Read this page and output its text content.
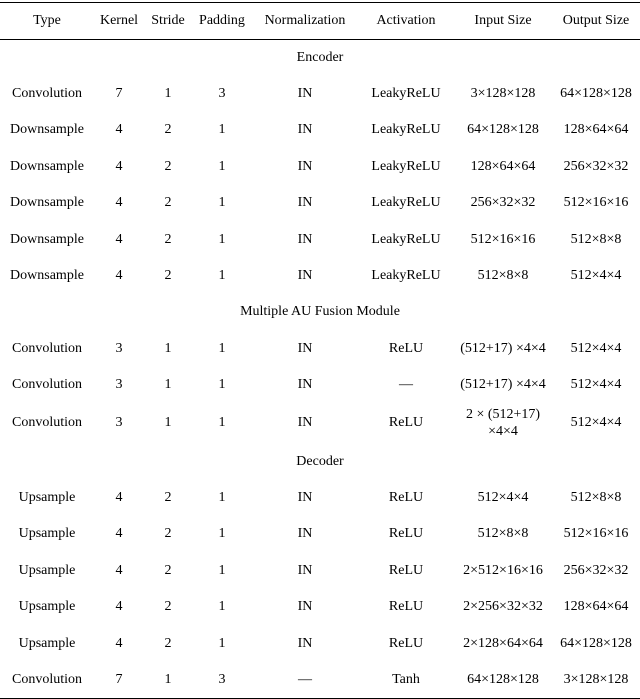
Type	Kernel	Stride	Padding	Normalization	Activation	Input Size	Output Size
Encoder							
Convolution	7	1	3	IN	LeakyReLU	3×128×128	64×128×128
Downsample	4	2	1	IN	LeakyReLU	64×128×128	128×64×64
Downsample	4	2	1	IN	LeakyReLU	128×64×64	256×32×32
Downsample	4	2	1	IN	LeakyReLU	256×32×32	512×16×16
Downsample	4	2	1	IN	LeakyReLU	512×16×16	512×8×8
Downsample	4	2	1	IN	LeakyReLU	512×8×8	512×4×4
Multiple AU Fusion Module							
Convolution	3	1	1	IN	ReLU	(512+17) ×4×4	512×4×4
Convolution	3	1	1	IN	—	(512+17) ×4×4	512×4×4
Convolution	3	1	1	IN	ReLU	2 × (512+17) ×4×4	512×4×4
Decoder							
Upsample	4	2	1	IN	ReLU	512×4×4	512×8×8
Upsample	4	2	1	IN	ReLU	512×8×8	512×16×16
Upsample	4	2	1	IN	ReLU	2×512×16×16	256×32×32
Upsample	4	2	1	IN	ReLU	2×256×32×32	128×64×64
Upsample	4	2	1	IN	ReLU	2×128×64×64	64×128×128
Convolution	7	1	3	—	Tanh	64×128×128	3×128×128
